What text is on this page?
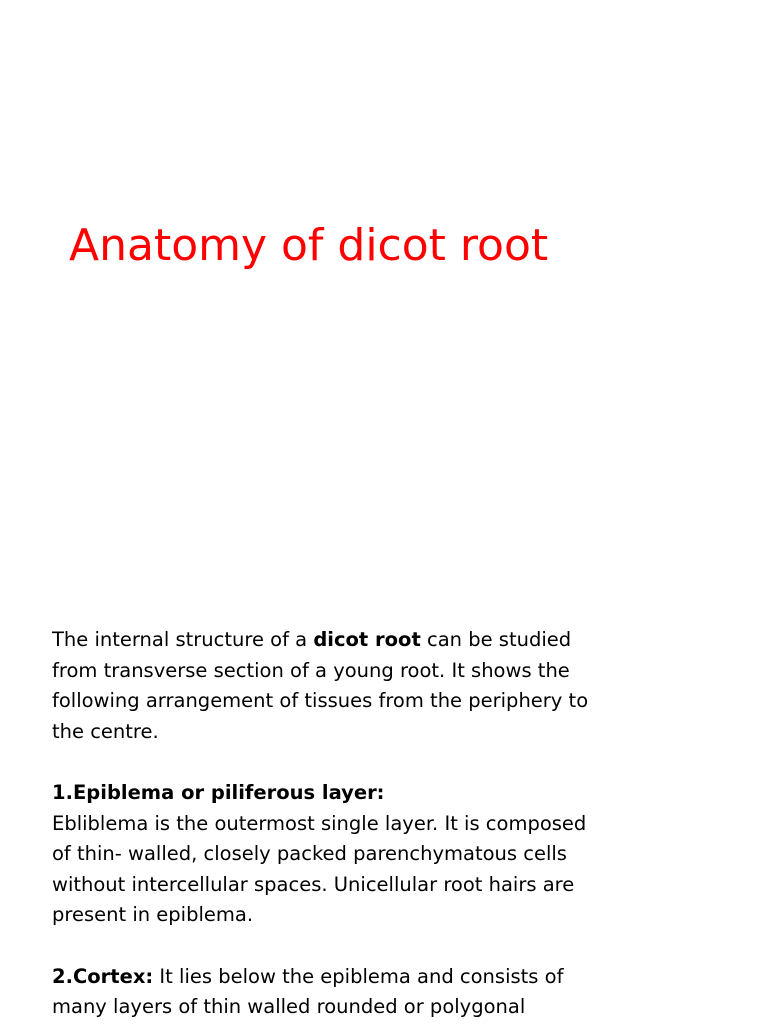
Anatomy of dicot root

The internal structure of a dicot root can be studied

from transverse section of a young root. It shows the

following arrangement of tissues from the periphery to

the centre.

1.Epiblema or piliferous layer:

Ebliblema is the outermost single layer. It is composed

of thin- walled, closely packed parenchymatous cells

without intercellular spaces. Unicellular root hairs are

present in epiblema.

2.Cortex: It lies below the epiblema and consists of

many layers of thin walled rounded or polygonal
